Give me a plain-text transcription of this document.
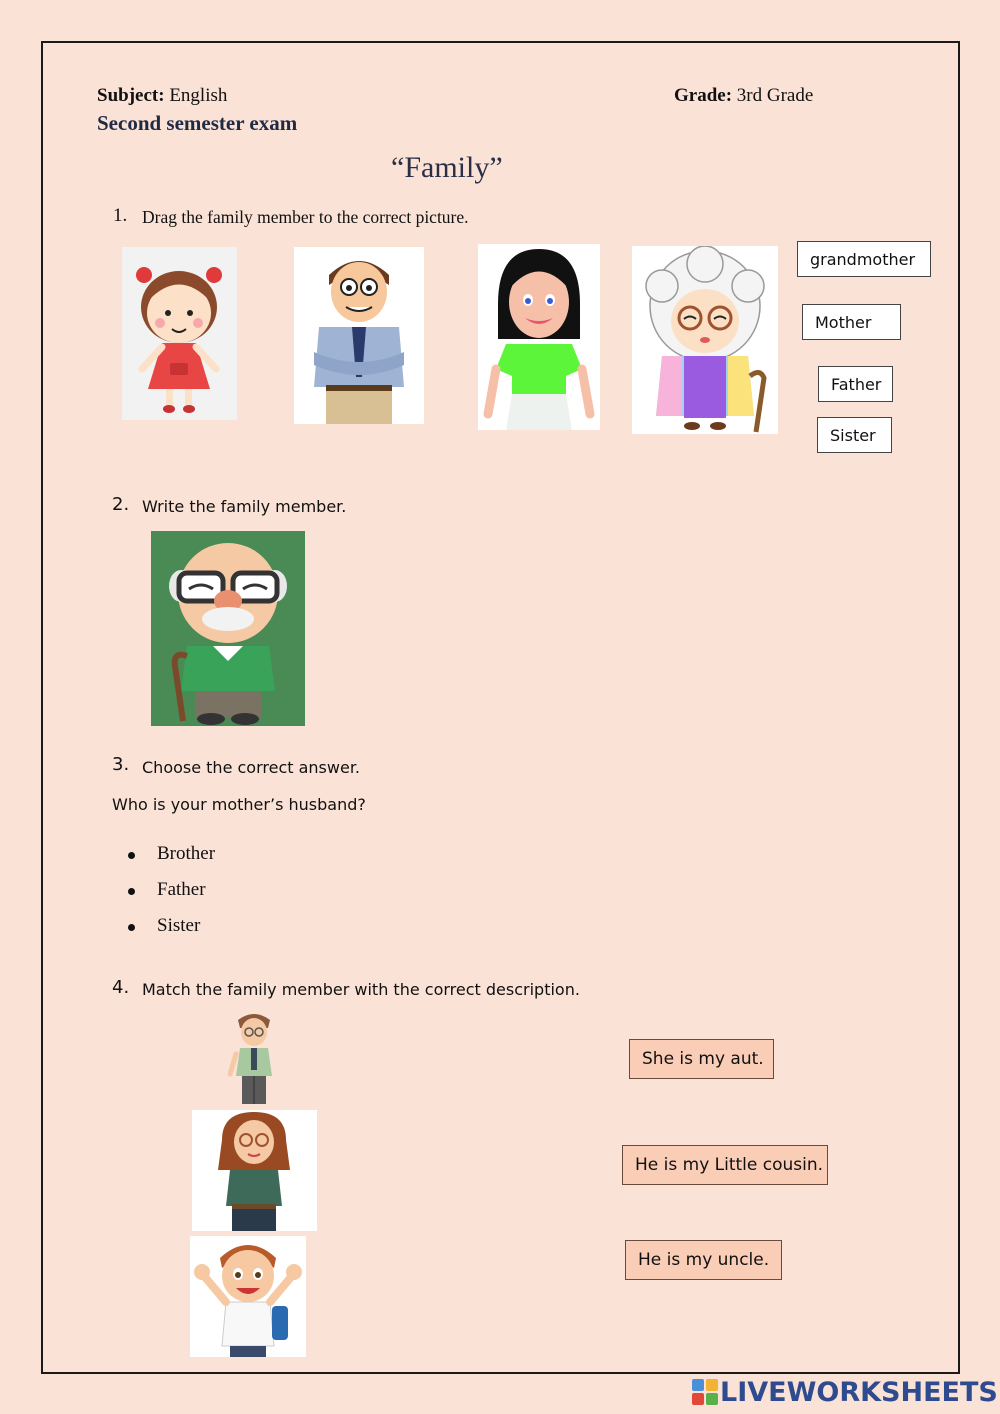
Subject: English	Grade: 3rd Grade
Second semester exam
“Family”
1. Drag the family member to the correct picture.
grandmother
Mother
Father
Sister
2. Write the family member.
3. Choose the correct answer.
Who is your mother’s husband?
Brother
Father
Sister
4. Match the family member with the correct description.
She is my aut.
He is my Little cousin.
He is my uncle.
LIVEWORKSHEETS
